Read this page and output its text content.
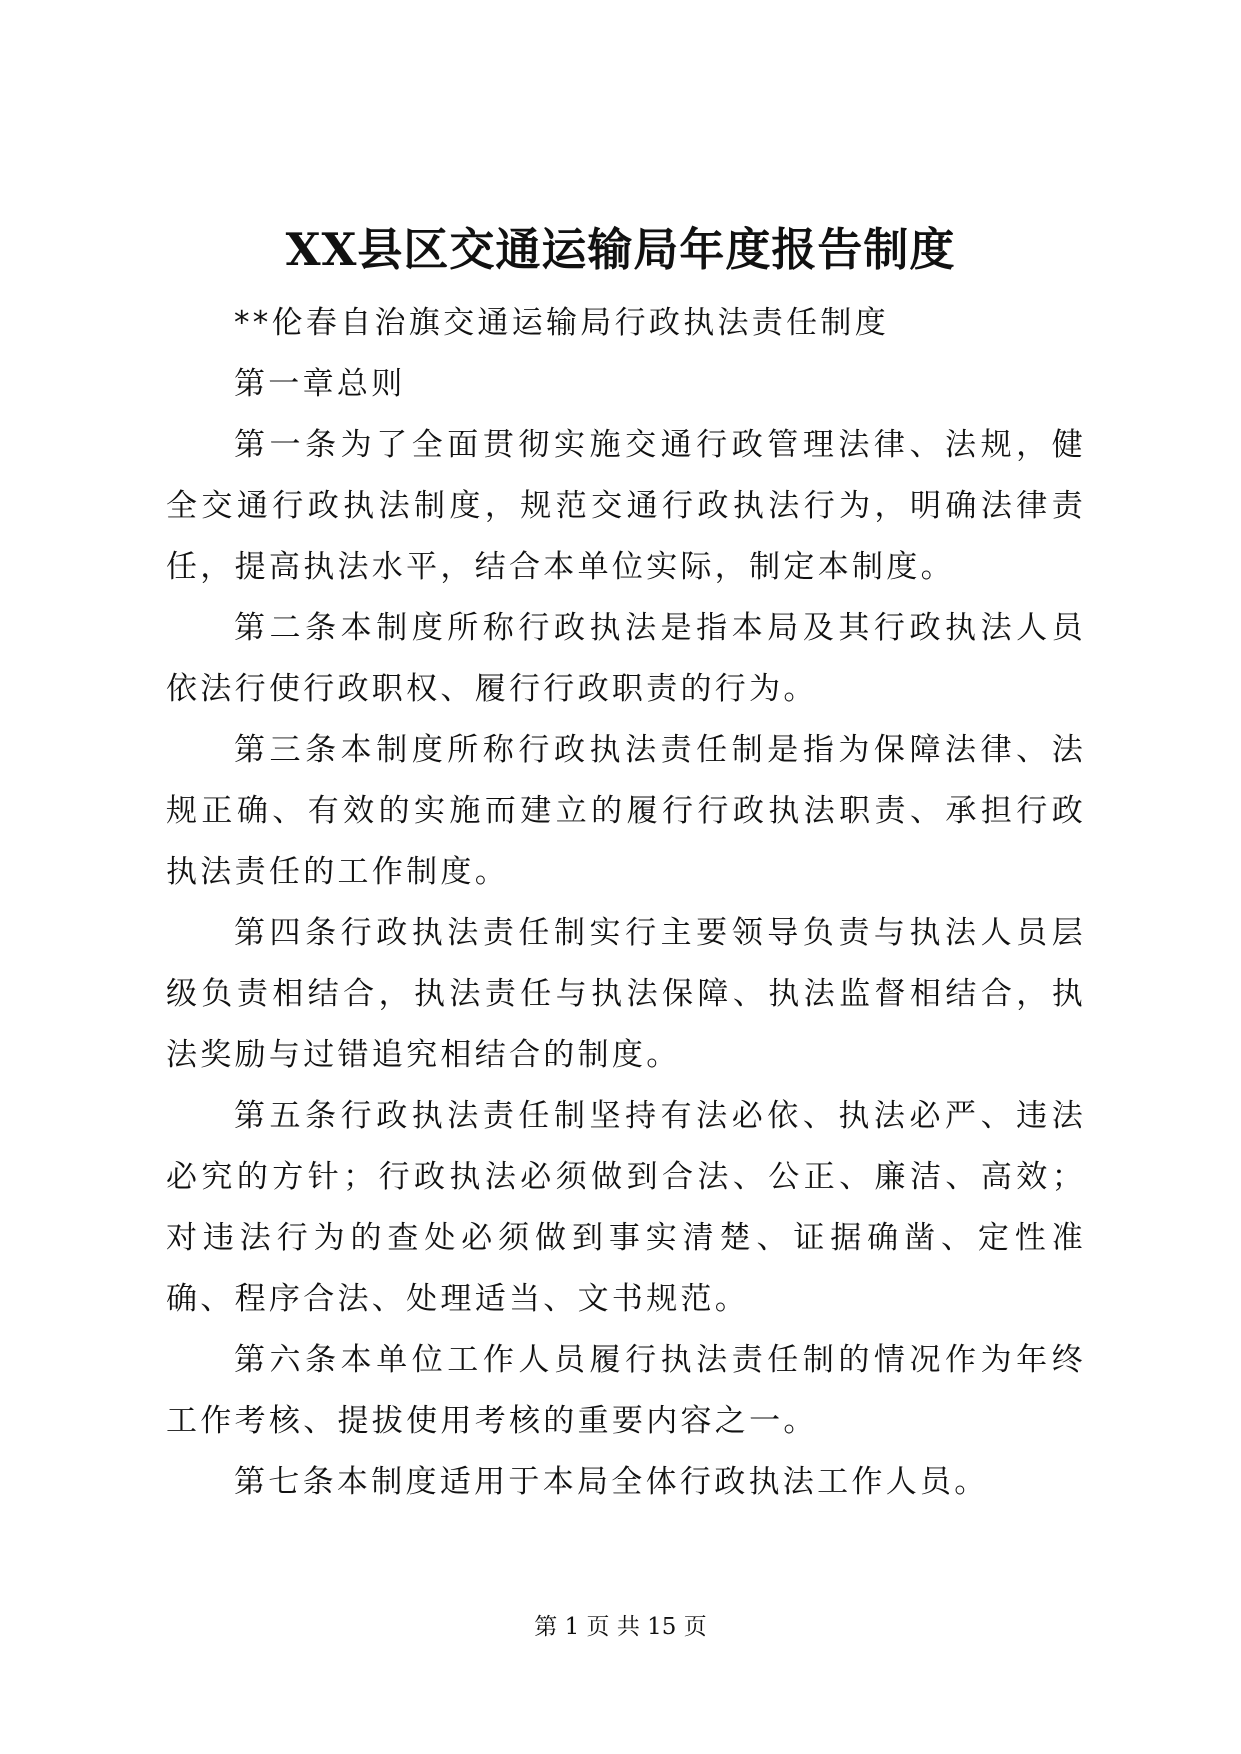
XX县区交通运输局年度报告制度

**伦春自治旗交通运输局行政执法责任制度

第一章总则

第一条为了全面贯彻实施交通行政管理法律、法规，健全交通行政执法制度，规范交通行政执法行为，明确法律责任，提高执法水平，结合本单位实际，制定本制度。

第二条本制度所称行政执法是指本局及其行政执法人员依法行使行政职权、履行行政职责的行为。

第三条本制度所称行政执法责任制是指为保障法律、法规正确、有效的实施而建立的履行行政执法职责、承担行政执法责任的工作制度。

第四条行政执法责任制实行主要领导负责与执法人员层级负责相结合，执法责任与执法保障、执法监督相结合，执法奖励与过错追究相结合的制度。

第五条行政执法责任制坚持有法必依、执法必严、违法必究的方针；行政执法必须做到合法、公正、廉洁、高效；对违法行为的查处必须做到事实清楚、证据确凿、定性准确、程序合法、处理适当、文书规范。

第六条本单位工作人员履行执法责任制的情况作为年终工作考核、提拔使用考核的重要内容之一。

第七条本制度适用于本局全体行政执法工作人员。

第 1 页 共 15 页
